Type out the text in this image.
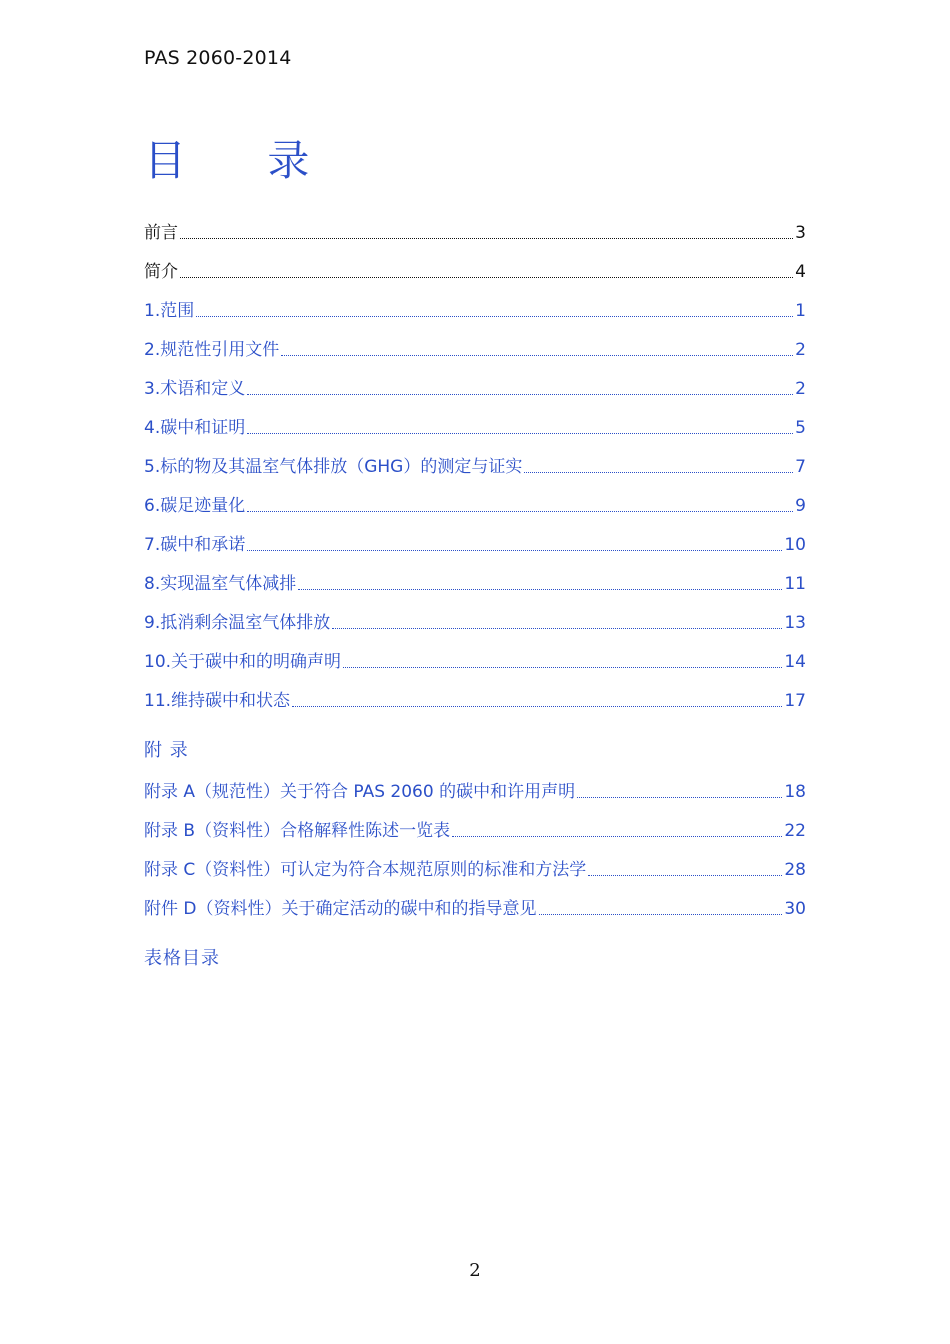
PAS 2060-2014
目 录
前言	3
简介	4
1.范围	1
2.规范性引用文件	2
3.术语和定义	2
4.碳中和证明	5
5.标的物及其温室气体排放（GHG）的测定与证实	7
6.碳足迹量化	9
7.碳中和承诺	10
8.实现温室气体减排	11
9.抵消剩余温室气体排放	13
10.关于碳中和的明确声明	14
11.维持碳中和状态	17
附 录
附录 A（规范性）关于符合 PAS 2060 的碳中和许用声明	18
附录 B（资料性）合格解释性陈述一览表	22
附录 C（资料性）可认定为符合本规范原则的标准和方法学	28
附件 D（资料性）关于确定活动的碳中和的指导意见	30
表格目录
2
